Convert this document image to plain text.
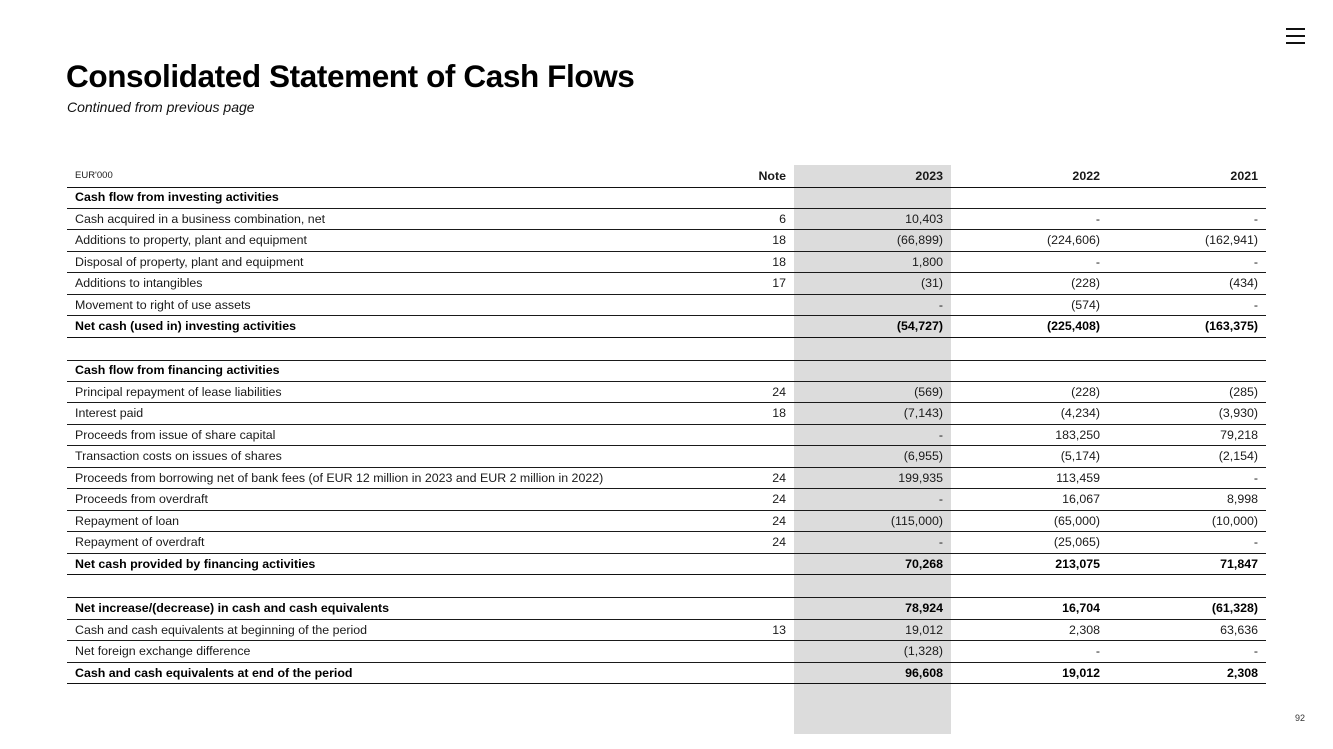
Consolidated Statement of Cash Flows
Continued from previous page
EUR'000	Note	2023	2022	2021
Cash flow from investing activities				
Cash acquired in a business combination, net	6	10,403	-	-
Additions to property, plant and equipment	18	(66,899)	(224,606)	(162,941)
Disposal of property, plant and equipment	18	1,800	-	-
Additions to intangibles	17	(31)	(228)	(434)
Movement to right of use assets		-	(574)	-
Net cash (used in) investing activities		(54,727)	(225,408)	(163,375)

Cash flow from financing activities				
Principal repayment of lease liabilities	24	(569)	(228)	(285)
Interest paid	18	(7,143)	(4,234)	(3,930)
Proceeds from issue of share capital		-	183,250	79,218
Transaction costs on issues of shares		(6,955)	(5,174)	(2,154)
Proceeds from borrowing net of bank fees (of EUR 12 million in 2023 and EUR 2 million in 2022)	24	199,935	113,459	-
Proceeds from overdraft	24	-	16,067	8,998
Repayment of loan	24	(115,000)	(65,000)	(10,000)
Repayment of overdraft	24	-	(25,065)	-
Net cash provided by financing activities		70,268	213,075	71,847

Net increase/(decrease) in cash and cash equivalents		78,924	16,704	(61,328)
Cash and cash equivalents at beginning of the period	13	19,012	2,308	63,636
Net foreign exchange difference		(1,328)	-	-
Cash and cash equivalents at end of the period		96,608	19,012	2,308
92
